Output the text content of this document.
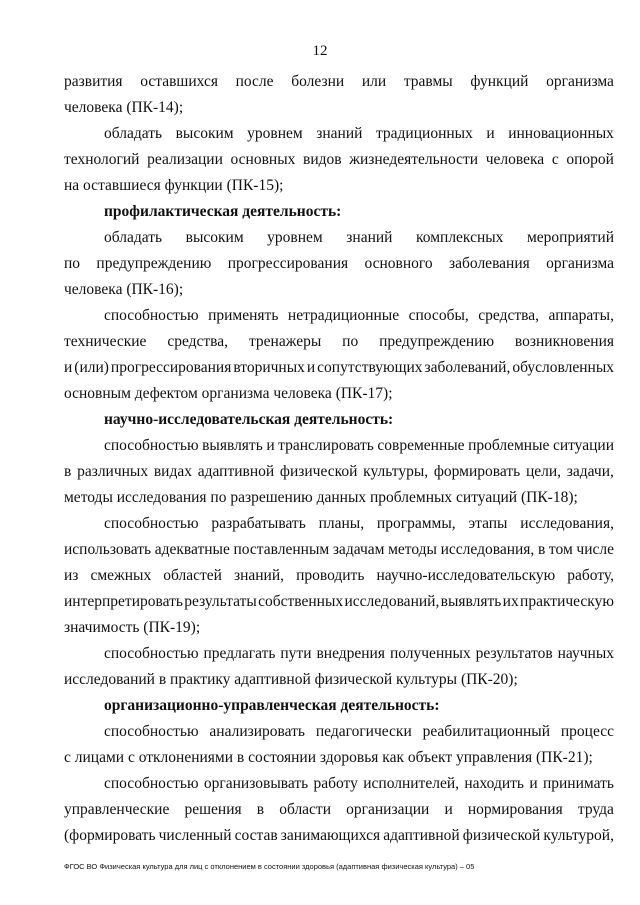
12
развития оставшихся после болезни или травмы функций организма
человека (ПК-14);
обладать высоким уровнем знаний традиционных и инновационных
технологий реализации основных видов жизнедеятельности человека с опорой
на оставшиеся функции (ПК-15);
профилактическая деятельность:
обладать высоким уровнем знаний комплексных мероприятий
по предупреждению прогрессирования основного заболевания организма
человека (ПК-16);
способностью применять нетрадиционные способы, средства, аппараты,
технические средства, тренажеры по предупреждению возникновения
и (или) прогрессирования вторичных и сопутствующих заболеваний, обусловленных
основным дефектом организма человека (ПК-17);
научно-исследовательская деятельность:
способностью выявлять и транслировать современные проблемные ситуации
в различных видах адаптивной физической культуры, формировать цели, задачи,
методы исследования по разрешению данных проблемных ситуаций (ПК-18);
способностью разрабатывать планы, программы, этапы исследования,
использовать адекватные поставленным задачам методы исследования, в том числе
из смежных областей знаний, проводить научно-исследовательскую работу,
интерпретировать результаты собственных исследований, выявлять их практическую
значимость (ПК-19);
способностью предлагать пути внедрения полученных результатов научных
исследований в практику адаптивной физической культуры (ПК-20);
организационно-управленческая деятельность:
способностью анализировать педагогически реабилитационный процесс
с лицами с отклонениями в состоянии здоровья как объект управления (ПК-21);
способностью организовывать работу исполнителей, находить и принимать
управленческие решения в области организации и нормирования труда
(формировать численный состав занимающихся адаптивной физической культурой,
ФГОС ВО Физическая культура для лиц с отклонением в состоянии здоровья (адаптивная физическая культура) – 05
